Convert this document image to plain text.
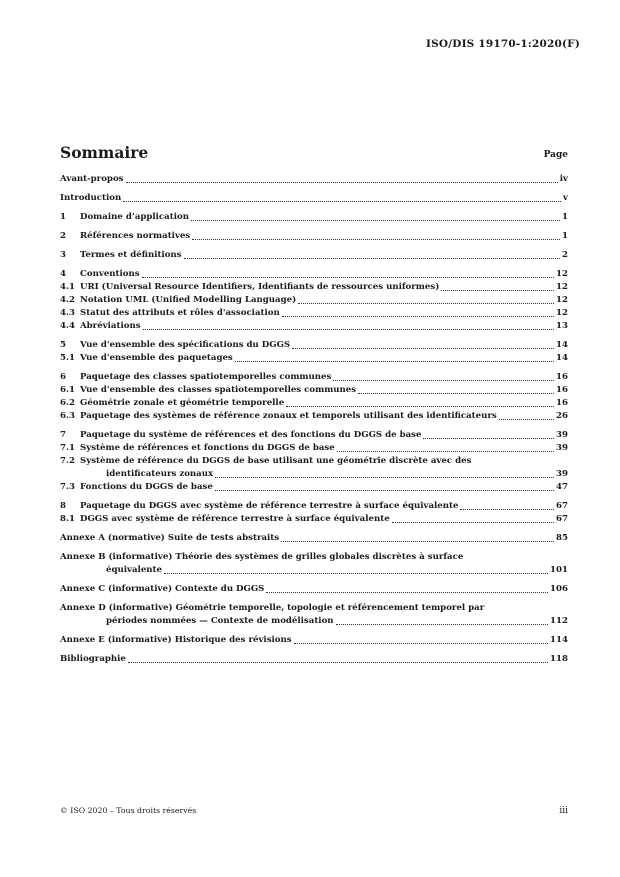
ISO/DIS 19170-1:2020(F)
Sommaire	Page
Avant-propos	iv
Introduction	v
1	Domaine d’application	1
2	Références normatives	1
3	Termes et définitions	2
4	Conventions	12
4.1 URI (Universal Resource Identifiers, Identifiants de ressources uniformes)	12
4.2 Notation UML (Unified Modelling Language)	12
4.3 Statut des attributs et rôles d'association	12
4.4 Abréviations	13
5	Vue d'ensemble des spécifications du DGGS	14
5.1 Vue d'ensemble des paquetages	14
6	Paquetage des classes spatiotemporelles communes	16
6.1 Vue d'ensemble des classes spatiotemporelles communes	16
6.2 Géométrie zonale et géométrie temporelle	16
6.3 Paquetage des systèmes de référence zonaux et temporels utilisant des identificateurs	26
7	Paquetage du système de références et des fonctions du DGGS de base	39
7.1 Système de références et fonctions du DGGS de base	39
7.2 Système de référence du DGGS de base utilisant une géométrie discrète avec des
identificateurs zonaux	39
7.3 Fonctions du DGGS de base	47
8	Paquetage du DGGS avec système de référence terrestre à surface équivalente	67
8.1 DGGS avec système de référence terrestre à surface équivalente	67
Annexe A (normative) Suite de tests abstraits	85
Annexe B (informative) Théorie des systèmes de grilles globales discrètes à surface
équivalente	101
Annexe C (informative) Contexte du DGGS	106
Annexe D (informative) Géométrie temporelle, topologie et référencement temporel par
périodes nommées — Contexte de modélisation	112
Annexe E (informative) Historique des révisions	114
Bibliographie	118
© ISO 2020 – Tous droits réservés	iii
